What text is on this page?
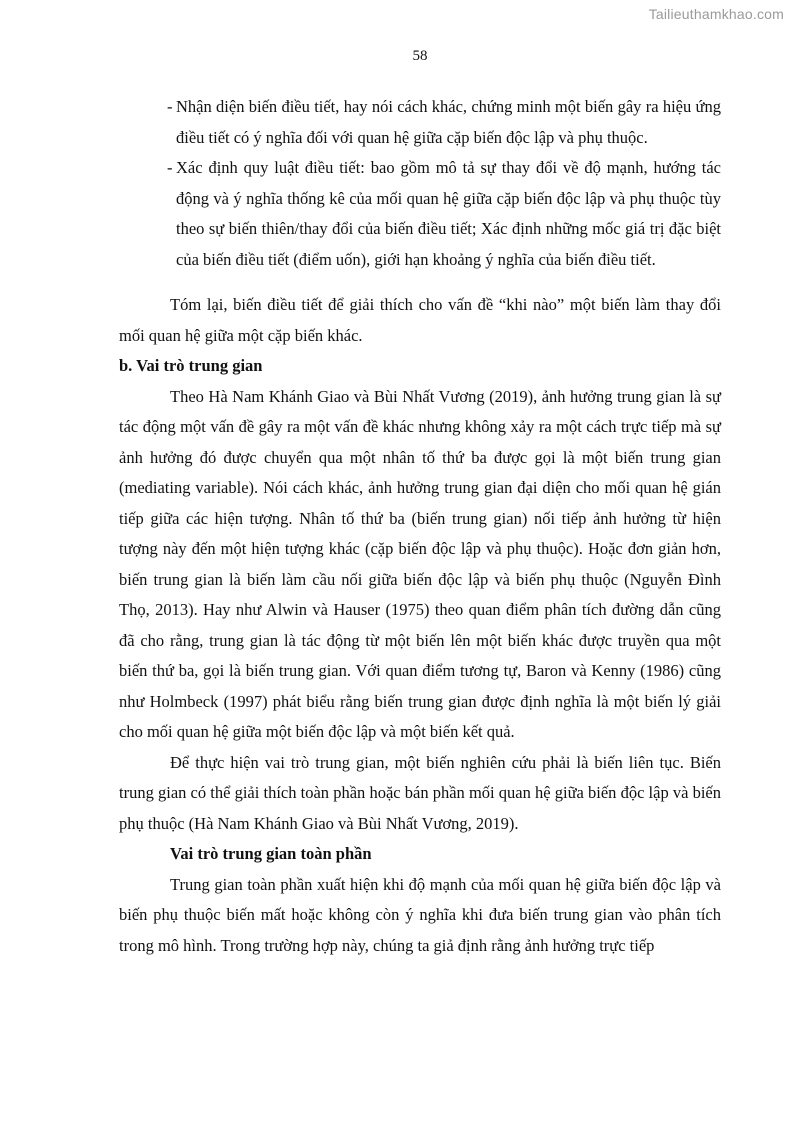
Tailieuthamkhao.com
58
- Nhận diện biến điều tiết, hay nói cách khác, chứng minh một biến gây ra hiệu ứng điều tiết có ý nghĩa đối với quan hệ giữa cặp biến độc lập và phụ thuộc.
- Xác định quy luật điều tiết: bao gồm mô tả sự thay đổi về độ mạnh, hướng tác động và ý nghĩa thống kê của mối quan hệ giữa cặp biến độc lập và phụ thuộc tùy theo sự biến thiên/thay đổi của biến điều tiết; Xác định những mốc giá trị đặc biệt của biến điều tiết (điểm uốn), giới hạn khoảng ý nghĩa của biến điều tiết.

Tóm lại, biến điều tiết để giải thích cho vấn đề “khi nào” một biến làm thay đổi mối quan hệ giữa một cặp biến khác.

b. Vai trò trung gian

Theo Hà Nam Khánh Giao và Bùi Nhất Vương (2019), ảnh hưởng trung gian là sự tác động một vấn đề gây ra một vấn đề khác nhưng không xảy ra một cách trực tiếp mà sự ảnh hưởng đó được chuyển qua một nhân tố thứ ba được gọi là một biến trung gian (mediating variable). Nói cách khác, ảnh hưởng trung gian đại diện cho mối quan hệ gián tiếp giữa các hiện tượng. Nhân tố thứ ba (biến trung gian) nối tiếp ảnh hưởng từ hiện tượng này đến một hiện tượng khác (cặp biến độc lập và phụ thuộc). Hoặc đơn giản hơn, biến trung gian là biến làm cầu nối giữa biến độc lập và biến phụ thuộc (Nguyễn Đình Thọ, 2013). Hay như Alwin và Hauser (1975) theo quan điểm phân tích đường dẫn cũng đã cho rằng, trung gian là tác động từ một biến lên một biến khác được truyền qua một biến thứ ba, gọi là biến trung gian. Với quan điểm tương tự, Baron và Kenny (1986) cũng như Holmbeck (1997) phát biểu rằng biến trung gian được định nghĩa là một biến lý giải cho mối quan hệ giữa một biến độc lập và một biến kết quả.

Để thực hiện vai trò trung gian, một biến nghiên cứu phải là biến liên tục. Biến trung gian có thể giải thích toàn phần hoặc bán phần mối quan hệ giữa biến độc lập và biến phụ thuộc (Hà Nam Khánh Giao và Bùi Nhất Vương, 2019).

Vai trò trung gian toàn phần

Trung gian toàn phần xuất hiện khi độ mạnh của mối quan hệ giữa biến độc lập và biến phụ thuộc biến mất hoặc không còn ý nghĩa khi đưa biến trung gian vào phân tích trong mô hình. Trong trường hợp này, chúng ta giả định rằng ảnh hưởng trực tiếp
